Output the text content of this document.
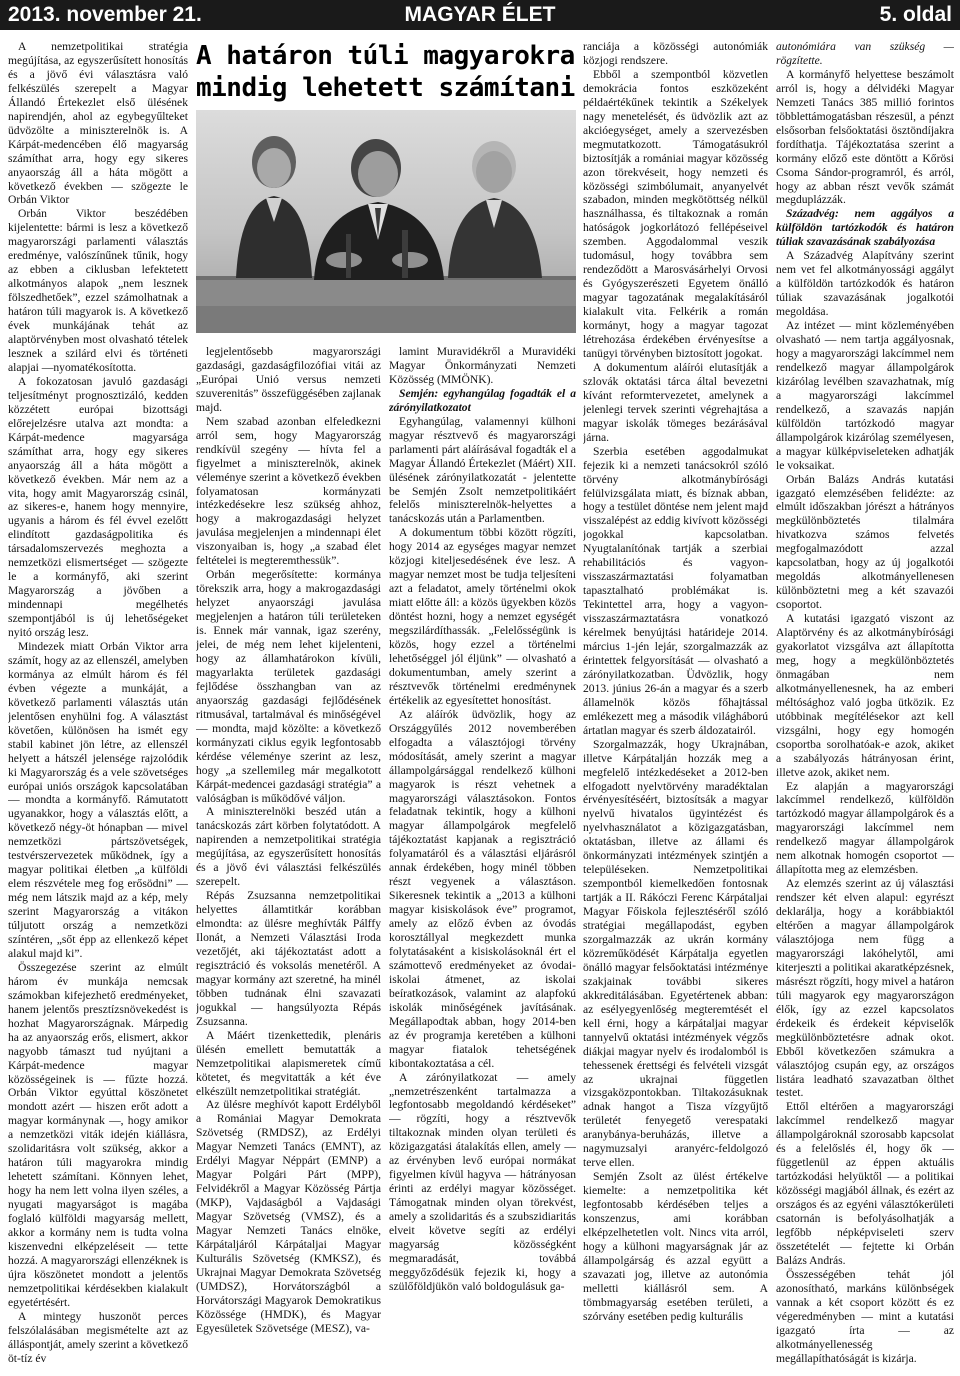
2013. november 21.	MAGYAR ÉLET	5. oldal

A nemzetpolitikai stratégia megújítása, az egyszerűsített honosítás és a jövő évi választásra való felkészülés szerepelt a Magyar Állandó Értekezlet első ülésének napirendjén, ahol az egybegyűlteket üdvözölte a miniszterelnök is. A Kárpát-medencében élő magyarság számíthat arra, hogy egy sikeres anyaország áll a háta mögött a következő években — szögezte le Orbán Viktor

Orbán Viktor beszédében kijelentette: bármi is lesz a következő magyarországi parlamenti választás eredménye, valószínűnek tűnik, hogy az ebben a ciklusban lefektetett alkotmányos alapok „nem lesznek fölszedhetőek”, ezzel számolhatnak a határon túli magyarok is. A következő évek munkájának tehát az alaptörvényben most olvasható tételek lesznek a szilárd elvi és történeti alapjai —nyomatékosította.

A fokozatosan javuló gazdasági teljesítményt prognosztizáló, kedden közzétett európai bizottsági előrejelzésre utalva azt mondta: a Kárpát-medence magyarsága számíthat arra, hogy egy sikeres anyaország áll a háta mögött a következő években. Már nem az a vita, hogy amit Magyarország csinál, az sikeres-e, hanem hogy mennyire, ugyanis a három és fél évvel ezelőtt elindított gazdaságpolitika és társadalomszervezés meghozta a nemzetközi elismertséget — szögezte le a kormányfő, aki szerint Magyarország a jövőben a mindennapi megélhetés szempontjából is új lehetőségeket nyitó ország lesz.

Mindezek miatt Orbán Viktor arra számít, hogy az az ellenszél, amelyben kormánya az elmúlt három és fél évben végezte a munkáját, a következő parlamenti választás után jelentősen enyhülni fog. A választást követően, különösen ha ismét egy stabil kabinet jön létre, az ellenszél helyett a hátszél jelensége rajzolódik ki Magyarország és a vele szövetséges európai uniós országok kapcsolatában — mondta a kormányfő. Rámutatott ugyanakkor, hogy a választás előtt, a következő négy-öt hónapban — mivel nemzetközi pártszövetségek, testvérszervezetek működnek, így a magyar politikai életben „a külföldi elem részvétele meg fog erősödni” — még nem látszik majd az a kép, mely szerint Magyarország a vitákon túljutott ország a nemzetközi színtéren, „sőt épp az ellenkező képet alakul majd ki”.

Összegezése szerint az elmúlt három év munkája nemcsak számokban kifejezhető eredményeket, hanem jelentős presztízsnövekedést is hozhat Magyarországnak. Márpedig ha az anyaország erős, elismert, akkor nagyobb támaszt tud nyújtani a Kárpát-medence magyar közösségeinek is — fűzte hozzá. Orbán Viktor egyúttal köszönetet mondott azért — hiszen erőt adott a magyar kormánynak —, hogy amikor a nemzetközi viták idején kiállásra, szolidaritásra volt szükség, akkor a határon túli magyarokra mindig lehetett számítani. Könnyen lehet, hogy ha nem lett volna ilyen széles, a nyugati magyarságot is magába foglaló külföldi magyarság mellett, akkor a kormány nem is tudta volna kiszenvedni elképzeléseit — tette hozzá. A magyarországi ellenzéknek is újra köszönetet mondott a jelentős nemzetpolitikai kérdésekben kialakult egyetértésért.

A mintegy huszonöt perces felszólalásában megismételte azt az álláspontját, amely szerint a következő öt-tíz év

A határon túli magyarokra
mindig lehetett számítani

legjelentősebb magyarországi gazdasági, gazdaságfilozófiai vitái az „Európai Unió versus nemzeti szuverenitás” összefüggésében zajlanak majd.

Nem szabad azonban elfeledkezni arról sem, hogy Magyarország rendkívül szegény — hívta fel a figyelmet a miniszterelnök, akinek véleménye szerint a következő években folyamatosan kormányzati intézkedésekre lesz szükség ahhoz, hogy a makrogazdasági helyzet javulása megjelenjen a mindennapi élet viszonyaiban is, hogy „a szabad élet feltételei is megteremthessük”.

Orbán megerősítette: kormánya törekszik arra, hogy a makrogazdasági helyzet anyaországi javulása megjelenjen a határon túli területeken is. Ennek már vannak, igaz szerény, jelei, de még nem lehet kijelenteni, hogy az államhatárokon kívüli, magyarlakta területek gazdasági fejlődése összhangban van az anyaország gazdasági fejlődésének ritmusával, tartalmával és minőségével — mondta, majd közölte: a következő kormányzati ciklus egyik legfontosabb kérdése véleménye szerint az lesz, hogy „a szellemileg már megalkotott Kárpát-medencei gazdasági stratégia” a valóságban is működővé váljon.

A miniszterelnöki beszéd után a tanácskozás zárt körben folytatódott. A napirenden a nemzetpolitikai stratégia megújítása, az egyszerűsített honosítás és a jövő évi választási felkészülés szerepelt.

Répás Zsuzsanna nemzetpolitikai helyettes államtitkár korábban elmondta: az ülésre meghívták Pálffy Ilonát, a Nemzeti Választási Iroda vezetőjét, aki tájékoztatást adott a regisztráció és voksolás menetéről. A magyar kormány azt szeretné, ha minél többen tudnának élni szavazati jogukkal — hangsúlyozta Répás Zsuzsanna.

A Máért tizenkettedik, plenáris ülésén emellett bemutatták a Nemzetpolitikai alapismeretek című kötetet, és megvitatták a két éve elkészült nemzetpolitikai stratégiát.

Az ülésre meghívót kapott Erdélyből a Romániai Magyar Demokrata Szövetség (RMDSZ), az Erdélyi Magyar Nemzeti Tanács (EMNT), az Erdélyi Magyar Néppárt (EMNP) a Magyar Polgári Párt (MPP), Felvidékről a Magyar Közösség Pártja (MKP), Vajdaságból a Vajdasági Magyar Szövetség (VMSZ), és a Magyar Nemzeti Tanács elnöke, Kárpátaljáról Kárpátaljai Magyar Kulturális Szövetség (KMKSZ), és Ukrajnai Magyar Demokrata Szövetség (UMDSZ), Horvátországból a Horvátországi Magyarok Demokratikus Közössége (HMDK), és Magyar Egyesületek Szövetsége (MESZ), va-

lamint Muravidékről a Muravidéki Magyar Önkormányzati Nemzeti Közösség (MMÖNK).

Semjén: egyhangúlag fogadták el a zárónyilatkozatot

Egyhangúlag, valamennyi külhoni magyar résztvevő és magyarországi parlamenti párt aláírásával fogadták el a Magyar Állandó Értekezlet (Máért) XII. ülésének zárónyilatkozatát - jelentette be Semjén Zsolt nemzetpolitikáért felelős miniszterelnök-helyettes a tanácskozás után a Parlamentben.

A dokumentum többi között rögzíti, hogy 2014 az egységes magyar nemzet közjogi kiteljesedésének éve lesz. A magyar nemzet most be tudja teljesíteni azt a feladatot, amely történelmi okok miatt előtte áll: a közös ügyekben közös döntést hozni, hogy a nemzet egységét megszilárdíthassák. „Felelősségünk is közös, hogy ezzel a történelmi lehetőséggel jól éljünk” — olvasható a dokumentumban, amely szerint a résztvevők történelmi eredménynek értékelik az egyesítettet honosítást.

Az aláírók üdvözlik, hogy az Országgyűlés 2012 novemberében elfogadta a választójogi törvény módosítását, amely szerint a magyar állampolgársággal rendelkező külhoni magyarok is részt vehetnek a magyarországi választásokon. Fontos feladatnak tekintik, hogy a külhoni magyar állampolgárok megfelelő tájékoztatást kapjanak a regisztráció folyamatáról és a választási eljárásról annak érdekében, hogy minél többen részt vegyenek a választáson. Sikeresnek tekintik a „2013 a külhoni magyar kisiskolások éve” programot, amely az előző évben az óvodás korosztállyal megkezdett munka folytatásaként a kisiskolásoknál ért el számottevő eredményeket az óvodai-iskolai átmenet, az iskolai beíratkozások, valamint az alapfokú iskolák minőségének javításának. Megállapodtak abban, hogy 2014-ben az év programja keretében a külhoni magyar fiatalok tehetségének kibontakoztatása a cél.

A zárónyilatkozat — amely „nemzetrészenként tartalmazza a legfontosabb megoldandó kérdéseket” — rögzíti, hogy a résztvevők tiltakoznak minden olyan területi és közigazgatási átalakítás ellen, amely — az érvényben levő európai normákat figyelmen kívül hagyva — hátrányosan érinti az erdélyi magyar közösséget. Támogatnak minden olyan törekvést, amely a szolidaritás és a szubszidiaritás elveit követve segíti az erdélyi magyarság közösségként megmaradását, továbbá meggyőződésük fejezik ki, hogy a szülőföldjükön való boldogulásuk ga-

ranciája a közösségi autonómiák közjogi rendszere.

Ebből a szempontból közvetlen demokrácia fontos eszközeként példaértékűnek tekintik a Székelyek nagy menetelését, és üdvözlik azt az akcióegységet, amely a szervezésben megmutatkozott. Támogatásukról biztosítják a romániai magyar közösség azon törekvéseit, hogy nemzeti és közösségi szimbólumait, anyanyelvét szabadon, minden megkötöttség nélkül használhassa, és tiltakoznak a román hatóságok jogkorlátozó fellépéseivel szemben. Aggodalommal veszik tudomásul, hogy továbbra sem rendeződött a Marosvásárhelyi Orvosi és Gyógyszerészeti Egyetem önálló magyar tagozatának megalakításáról kialakult vita. Felkérik a román kormányt, hogy a magyar tagozat létrehozása érdekében érvényesítse a tanügyi törvényben biztosított jogokat.

A dokumentum aláírói elutasítják a szlovák oktatási tárca által bevezetni kívánt reformtervezetet, amelynek a jelenlegi tervek szerinti végrehajtása a magyar iskolák tömeges bezárásával járna.

Szerbia esetében aggodalmukat fejezik ki a nemzeti tanácsokról szóló törvény alkotmánybírósági felülvizsgálata miatt, és bíznak abban, hogy a testület döntése nem jelent majd visszalépést az eddig kivívott közösségi jogokkal kapcsolatban. Nyugtalanítónak tartják a szerbiai rehabilitációs és vagyon-visszaszármaztatási folyamatban tapasztalható problémákat is. Tekintettel arra, hogy a vagyon-visszaszármaztatásra vonatkozó kérelmek benyújtási határideje 2014. március 1-jén lejár, szorgalmazzák az érintettek felgyorsítását — olvasható a zárónyilatkozatban. Üdvözlik, hogy 2013. június 26-án a magyar és a szerb államelnök közös főhajtással emlékezett meg a második világháború ártatlan magyar és szerb áldozatairól.

Szorgalmazzák, hogy Ukrajnában, illetve Kárpátalján hozzák meg a megfelelő intézkedéseket a 2012-ben elfogadott nyelvtörvény maradéktalan érvényesítéséért, biztosítsák a magyar nyelvű hivatalos ügyintézést és nyelvhasználatot a közigazgatásban, oktatásban, illetve az állami és önkormányzati intézmények szintjén a településeken. Nemzetpolitikai szempontból kiemelkedően fontosnak tartják a II. Rákóczi Ferenc Kárpátaljai Magyar Főiskola fejlesztéséről szóló stratégiai megállapodást, egyben szorgalmazzák az ukrán kormány közreműködését Kárpátalja egyetlen önálló magyar felsőoktatási intézménye szakjainak további sikeres akkreditálásában. Egyetértenek abban: az esélyegyenlőség megteremtését el kell érni, hogy a kárpátaljai magyar tannyelvű oktatási intézmények végzős diákjai magyar nyelv és irodalomból is tehessenek érettségi és felvételi vizsgát az ukrajnai független vizsgaközpontokban. Tiltakozásuknak adnak hangot a Tisza vízgyűjtő területét fenyegető verespataki aranybánya-beruházás, illetve a nagymuzsalyi aranyérc-feldolgozó terve ellen.

Semjén Zsolt az ülést értékelve kiemelte: a nemzetpolitika két legfontosabb kérdésében teljes a konszenzus, ami korábban elképzelhetetlen volt. Nincs vita arról, hogy a külhoni magyarságnak jár az állampolgárság és azzal együtt a szavazati jog, illetve az autonómia melletti kiállásról sem. A tömbmagyarság esetében területi, a szórvány esetében pedig kulturális

autonómiára van szükség — rögzítette.

A kormányfő helyettese beszámolt arról is, hogy a délvidéki Magyar Nemzeti Tanács 385 millió forintos többlettámogatásban részesül, a pénzt elsősorban felsőoktatási ösztöndíjakra fordíthatja. Tájékoztatása szerint a kormány előző este döntött a Kőrösi Csoma Sándor-programról, és arról, hogy az abban részt vevők számát megduplázzák.

Századvég: nem aggályos a külföldön tartózkodók és határon túliak szavazásának szabályozása

A Századvég Alapítvány szerint nem vet fel alkotmányossági aggályt a külföldön tartózkodók és határon túliak szavazásának jogalkotói megoldása.

Az intézet — mint közleményében olvasható — nem tartja aggályosnak, hogy a magyarországi lakcímmel nem rendelkező magyar állampolgárok kizárólag levélben szavazhatnak, míg a magyarországi lakcímmel rendelkező, a szavazás napján külföldön tartózkodó magyar állampolgárok kizárólag személyesen, a magyar külképviseleteken adhatják le voksaikat.

Orbán Balázs András kutatási igazgató elemzésében felidézte: az elmúlt időszakban jórészt a hátrányos megkülönböztetés tilalmára hivatkozva számos felvetés megfogalmazódott azzal kapcsolatban, hogy az új jogalkotói megoldás alkotmányellenesen különböztetni meg a két szavazói csoportot.

A kutatási igazgató viszont az Alaptörvény és az alkotmánybírósági gyakorlatot vizsgálva azt állapította meg, hogy a megkülönböztetés önmagában nem alkotmányellenesnek, ha az emberi méltósághoz való jogba ütközik. Ez utóbbinak megítélésekor azt kell vizsgálni, hogy egy homogén csoportba sorolhatóak-e azok, akiket a szabályozás hátrányosan érint, illetve azok, akiket nem.

Ez alapján a magyarországi lakcímmel rendelkező, külföldön tartózkodó magyar állampolgárok és a magyarországi lakcímmel nem rendelkező magyar állampolgárok nem alkotnak homogén csoportot — állapította meg az elemzésben.

Az elemzés szerint az új választási rendszer két elven alapul: egyrészt deklarálja, hogy a korábbiaktól eltérően a magyar állampolgárok választójoga nem függ a magyarországi lakóhelytől, ami kiterjeszti a politikai akaratképzésnek, másrészt rögzíti, hogy mivel a határon túli magyarok egy magyarországon élők, így az ezzel kapcsolatos érdekeik és érdekeit képviselők megkülönböztetésre adnak okot. Ebből következően számukra a választójog csupán egy, az országos listára leadható szavazatban ölthet testet.

Ettől eltérően a magyarországi lakcímmel rendelkező magyar állampolgároknál szorosabb kapcsolat és a felelőslés él, hogy ők — függetlenül az éppen aktuális tartózkodási helyüktől — a politikai közösségi magjából állnak, és ezért az országos és az egyéni választókerületi csatornán is befolyásolhatják a legfőbb népképviseleti szerv összetételét — fejtette ki Orbán Balázs András.

Összességében tehát jól azonosítható, markáns különbségek vannak a két csoport között és ez végeredményben — mint a kutatási igazgató írta — az alkotmányellenesség megállapíthatóságát is kizárja.
